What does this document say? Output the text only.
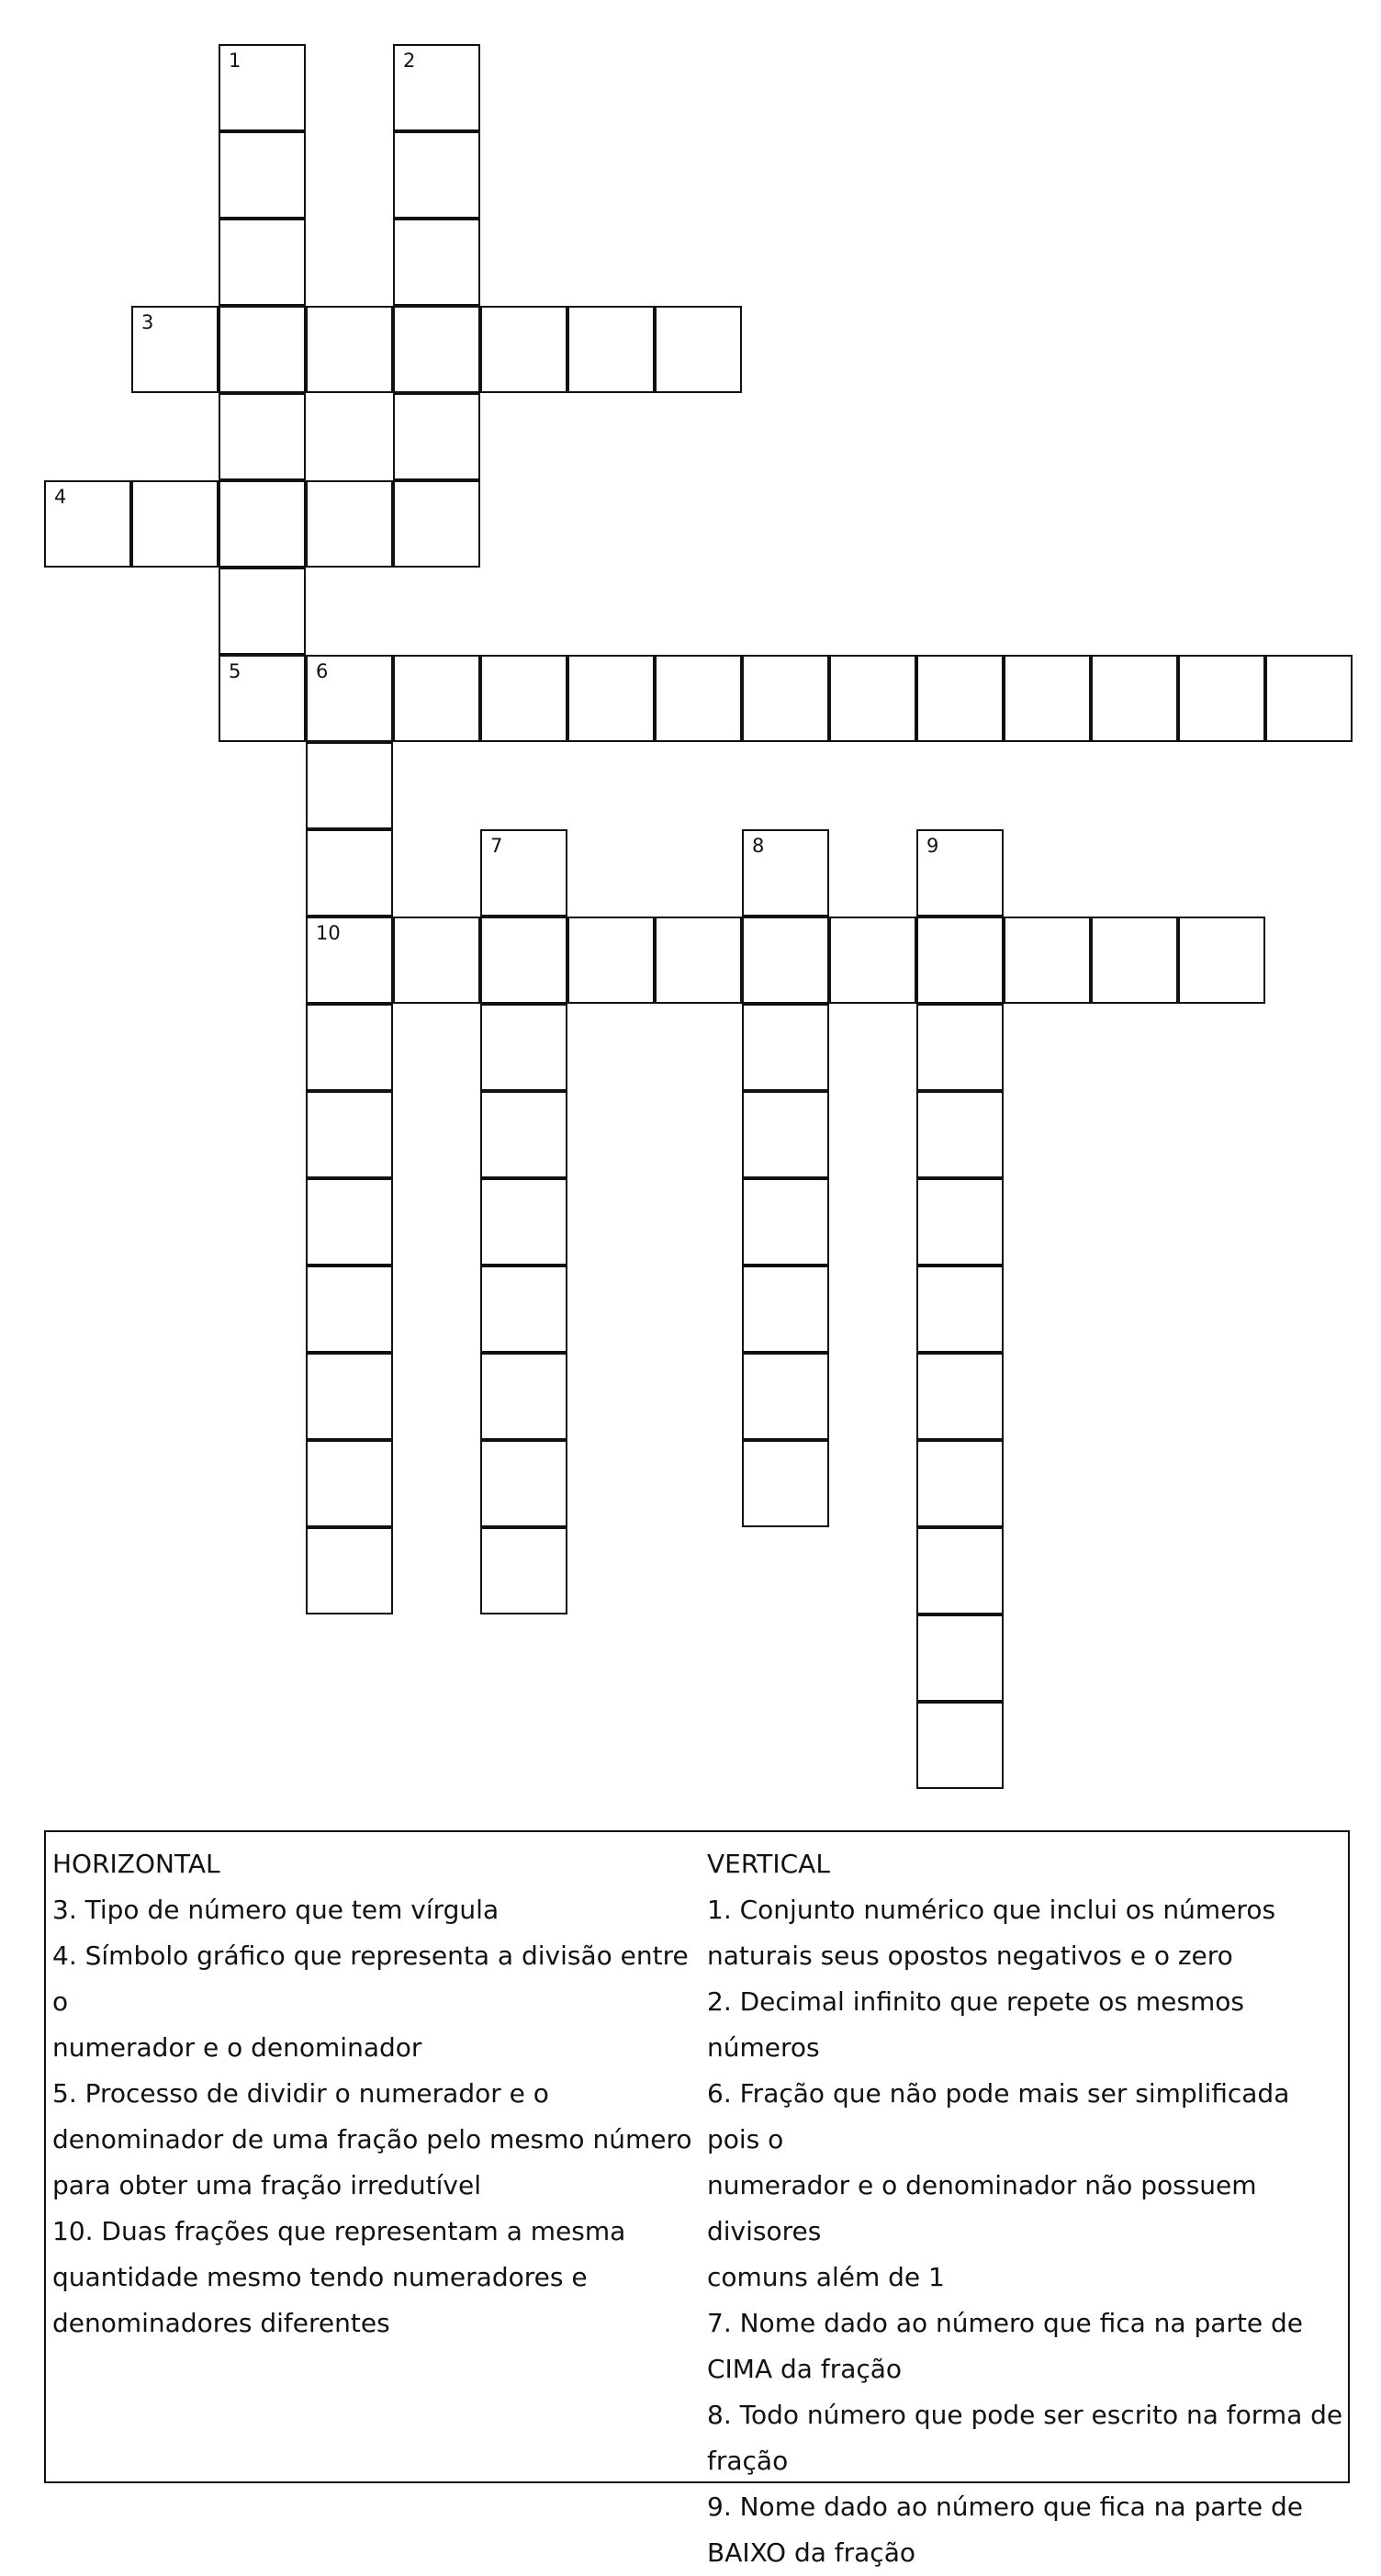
3
4
5	6
10
1	2
7	8	9
HORIZONTAL
3. Tipo de número que tem vírgula
4. Símbolo gráfico que representa a divisão entre o
numerador e o denominador
5. Processo de dividir o numerador e o
denominador de uma fração pelo mesmo número
para obter uma fração irredutível
10. Duas frações que representam a mesma
quantidade mesmo tendo numeradores e
denominadores diferentes
VERTICAL
1. Conjunto numérico que inclui os números
naturais seus opostos negativos e o zero
2. Decimal infinito que repete os mesmos números
6. Fração que não pode mais ser simplificada pois o
numerador e o denominador não possuem divisores
comuns além de 1
7. Nome dado ao número que fica na parte de
CIMA da fração
8. Todo número que pode ser escrito na forma de
fração
9. Nome dado ao número que fica na parte de
BAIXO da fração
